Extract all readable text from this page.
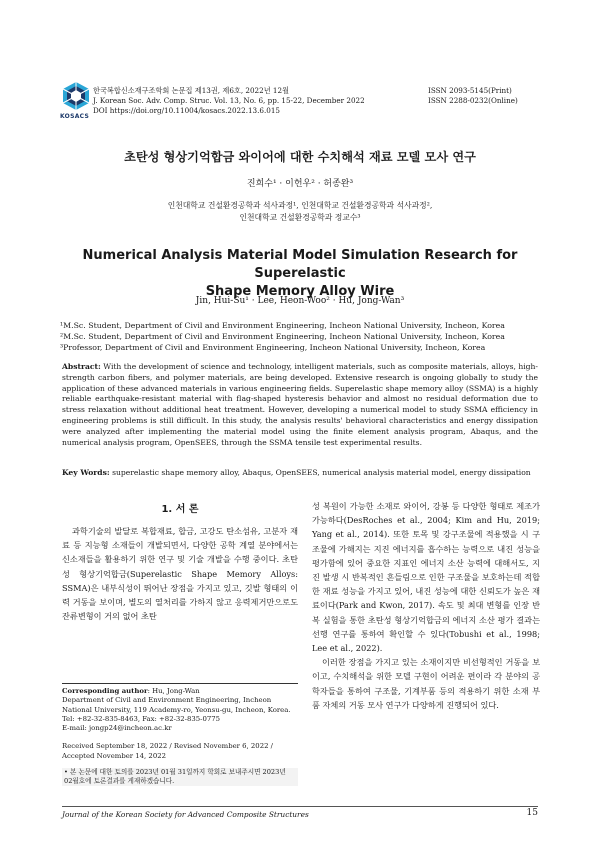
KOSACS
한국복합신소재구조학회 논문집 제13권, 제6호, 2022년 12월
J. Korean Soc. Adv. Comp. Struc. Vol. 13, No. 6, pp. 15-22, December 2022
DOI https://doi.org/10.11004/kosacs.2022.13.6.015
ISSN 2093-5145(Print)
ISSN 2288-0232(Online)
초탄성 형상기억합금 와이어에 대한 수치해석 재료 모델 모사 연구
진희수¹ · 이헌우² · 허종완³
인천대학교 건설환경공학과 석사과정¹, 인천대학교 건설환경공학과 석사과정²,
인천대학교 건설환경공학과 정교수³
Numerical Analysis Material Model Simulation Research for Superelastic
Shape Memory Alloy Wire
Jin, Hui-Su¹ · Lee, Heon-Woo² · Hu, Jong-Wan³
¹M.Sc. Student, Department of Civil and Environment Engineering, Incheon National University, Incheon, Korea
²M.Sc. Student, Department of Civil and Environment Engineering, Incheon National University, Incheon, Korea
³Professor, Department of Civil and Environment Engineering, Incheon National University, Incheon, Korea
Abstract: With the development of science and technology, intelligent materials, such as composite materials, alloys, high-strength carbon fibers, and polymer materials, are being developed. Extensive research is ongoing globally to study the application of these advanced materials in various engineering fields. Superelastic shape memory alloy (SSMA) is a highly reliable earthquake-resistant material with flag-shaped hysteresis behavior and almost no residual deformation due to stress relaxation without additional heat treatment. However, developing a numerical model to study SSMA efficiency in engineering problems is still difficult. In this study, the analysis results' behavioral characteristics and energy dissipation were analyzed after implementing the material model using the finite element analysis program, Abaqus, and the numerical analysis program, OpenSEES, through the SSMA tensile test experimental results.
Key Words: superelastic shape memory alloy, Abaqus, OpenSEES, numerical analysis material model, energy dissipation
1. 서 론

과학기술의 발달로 복합재료, 합금, 고강도 탄소섬유, 고분자 재료 등 지능형 소재들이 개발되면서, 다양한 공학 계열 분야에서는 신소재들을 활용하기 위한 연구 및 기술 개발을 수행 중이다. 초탄성 형상기억합금(Superelastic Shape Memory Alloys: SSMA)은 내부식성이 뛰어난 장점을 가지고 있고, 깃발 형태의 이력 거동을 보이며, 별도의 열처리를 가하지 않고 응력제거만으로도 잔류변형이 거의 없어 초탄

성 복원이 가능한 소재로 와이어, 강봉 등 다양한 형태로 제조가 가능하다(DesRoches et al., 2004; Kim and Hu, 2019; Yang et al., 2014). 또한 토목 및 강구조물에 적용했을 시 구조물에 가해지는 지진 에너지를 흡수하는 능력으로 내진 성능을 평가함에 있어 중요한 지표인 에너지 소산 능력에 대해서도, 지진 발생 시 반복적인 흔들림으로 인한 구조물을 보호하는데 적합한 재료 성능을 가지고 있어, 내진 성능에 대한 신뢰도가 높은 재료이다(Park and Kwon, 2017). 속도 및 최대 변형를 인장 반복 실험을 통한 초탄성 형상기억합금의 에너지 소산 평가 결과는 선행 연구를 통하여 확인할 수 있다(Tobushi et al., 1998; Lee et al., 2022).

이러한 장점을 가지고 있는 소재이지만 비선형적인 거동을 보이고, 수치해석을 위한 모델 구현이 어려운 편이라 각 분야의 공학자들을 통하여 구조물, 기계부품 등의 적용하기 위한 소재 부품 자체의 거동 모사 연구가 다양하게 진행되어 있다.

Corresponding author: Hu, Jong-Wan
Department of Civil and Environment Engineering, Incheon National University, 119 Academy-ro, Yeonsu-gu, Incheon, Korea.
Tel: +82-32-835-8463, Fax: +82-32-835-0775
E-mail: jongp24@incheon.ac.kr
Received September 18, 2022 / Revised November 6, 2022 / Accepted November 14, 2022
• 본 논문에 대한 토의를 2023년 01월 31일까지 학회로 보내주시면 2023년 02월호에 토론결과를 게재하겠습니다.
Journal of the Korean Society for Advanced Composite Structures	15
